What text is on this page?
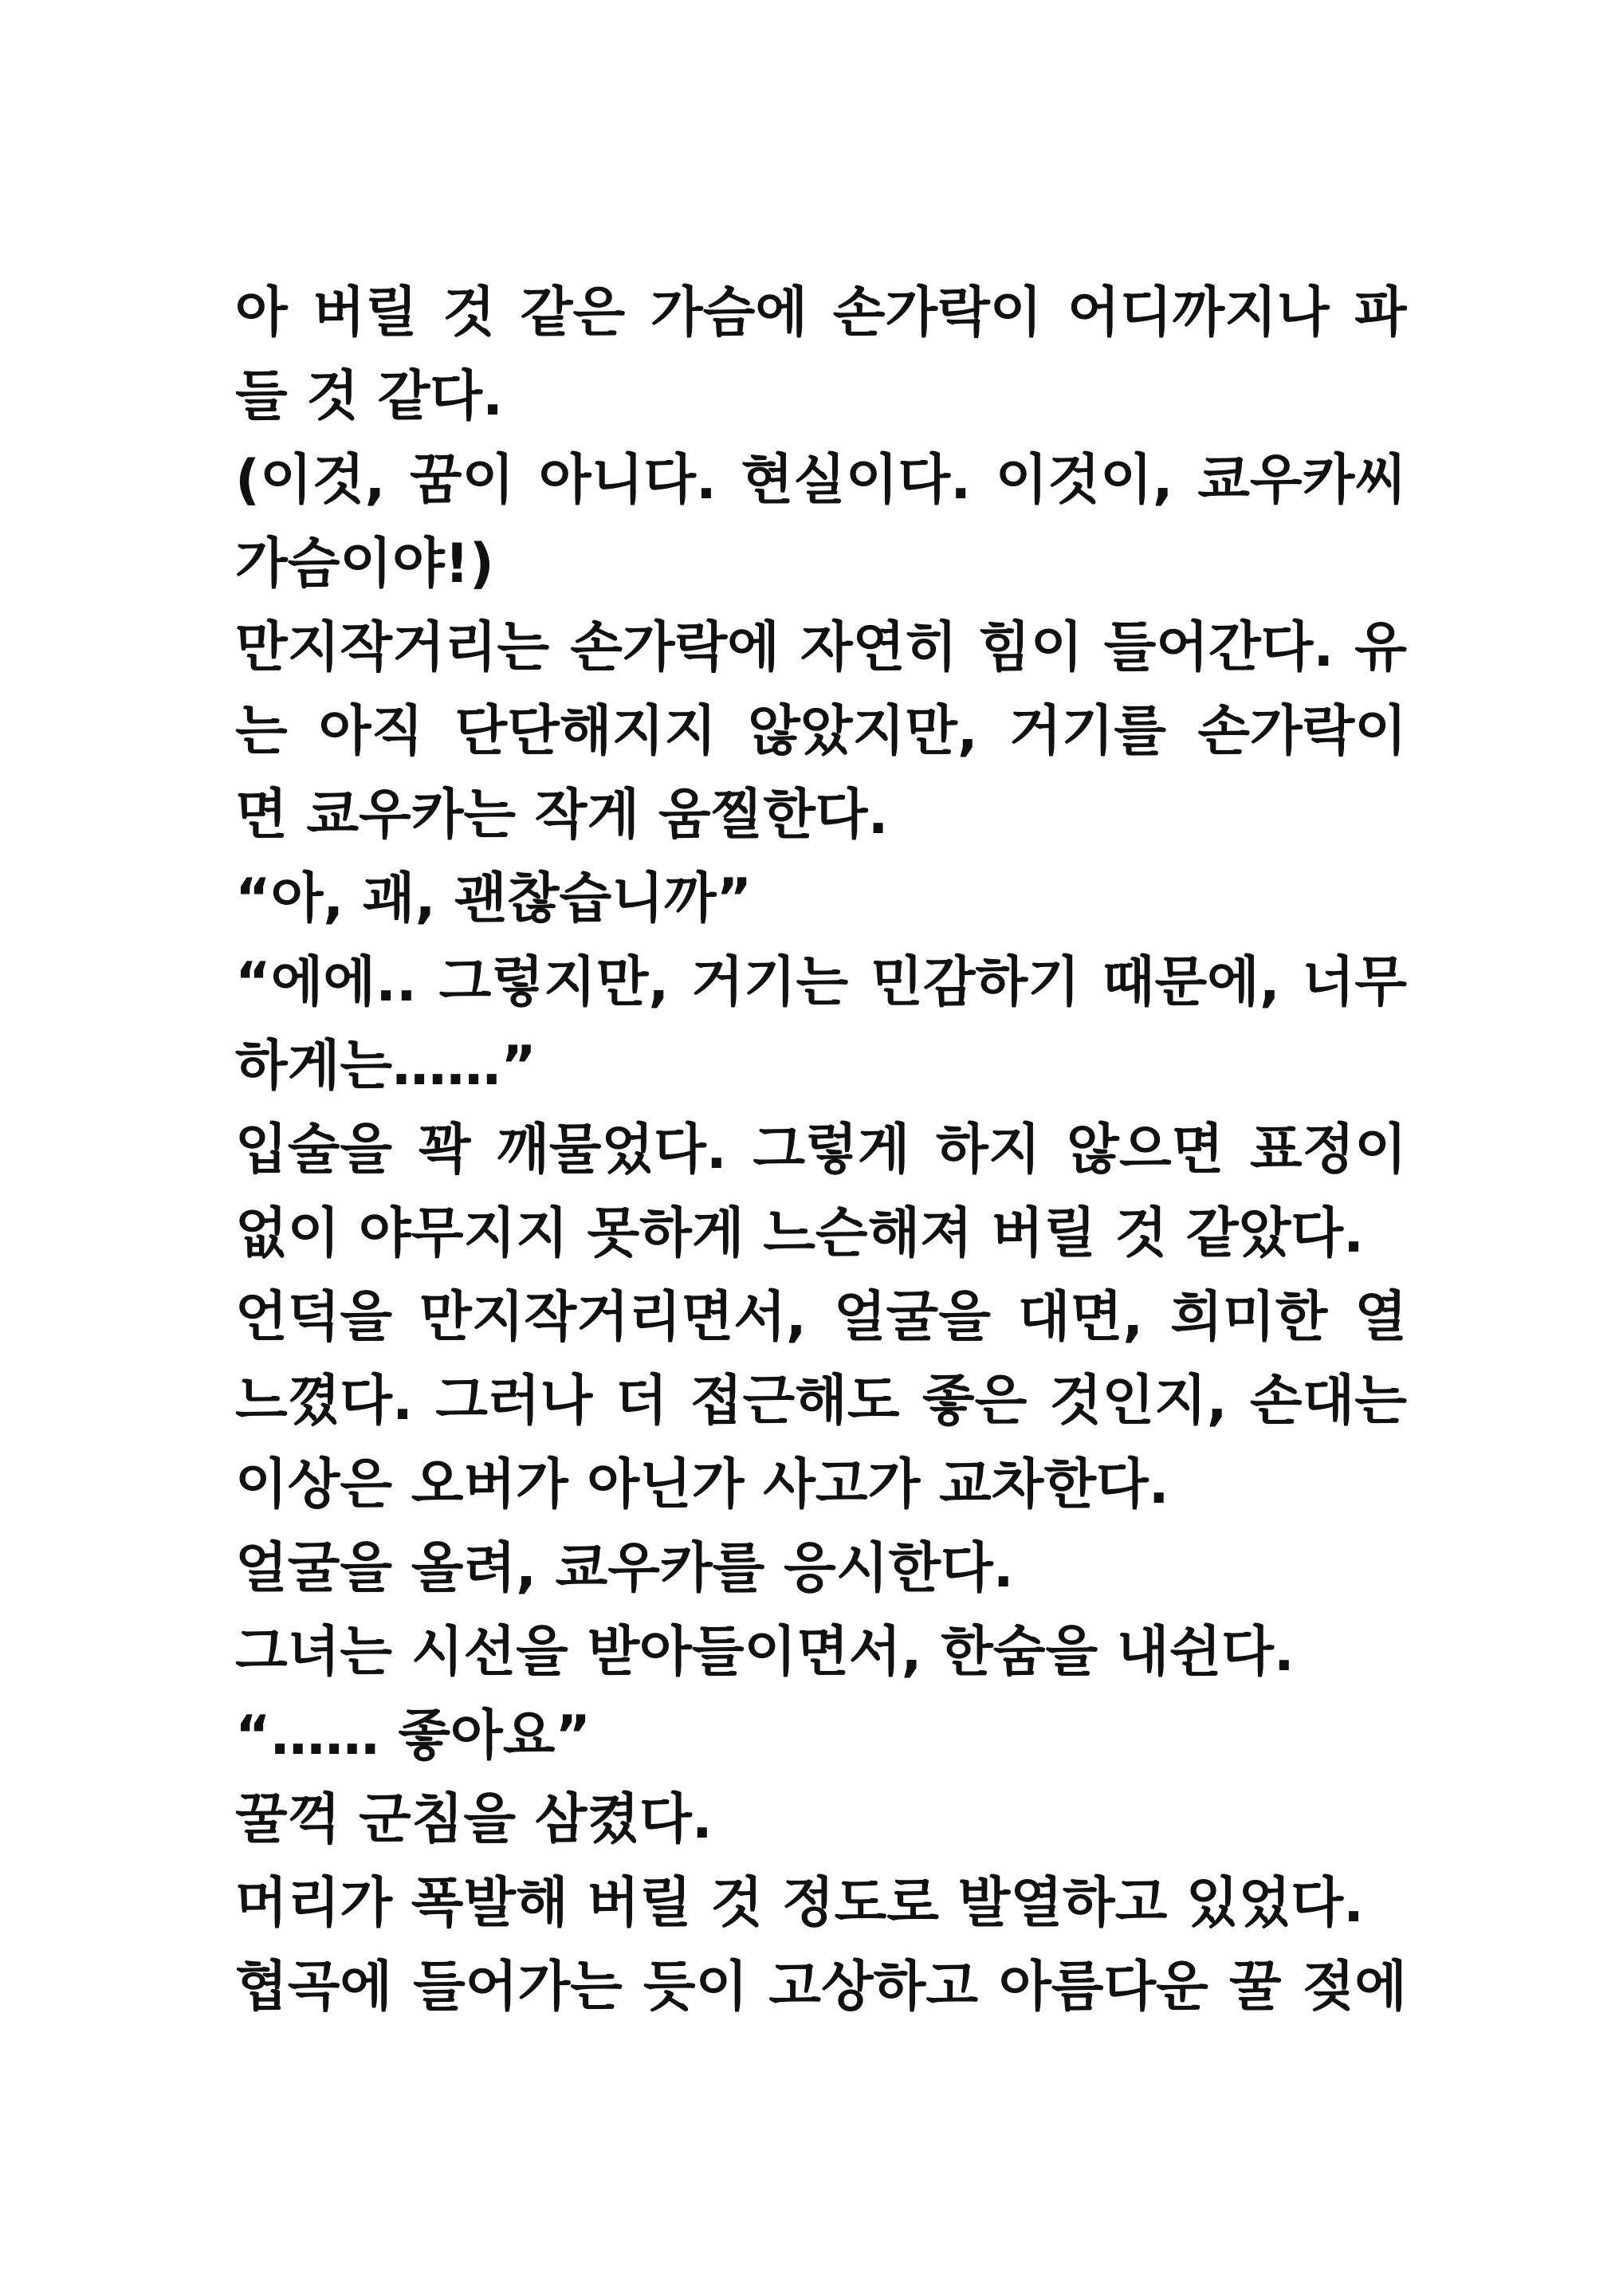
아 버릴 것 같은 가슴에 손가락이 어디까지나 파
들 것 같다.
(이것, 꿈이 아니다. 현실이다. 이것이, 쿄우카씨
가슴이야!)
만지작거리는 손가락에 자연히 힘이 들어간다. 유
는 아직 단단해지지 않았지만, 거기를 손가락이
면 쿄우카는 작게 움찔한다.
“아, 괘, 괜찮습니까”
“에에.. 그렇지만, 거기는 민감하기 때문에, 너무
하게는……”
입술을 꽉 깨물었다. 그렇게 하지 않으면 표정이
없이 야무지지 못하게 느슨해져 버릴 것 같았다.
언덕을 만지작거리면서, 얼굴을 대면, 희미한 열
느꼈다. 그러나 더 접근해도 좋은 것인지, 손대는
이상은 오버가 아닌가 사고가 교차한다.
얼굴을 올려, 쿄우카를 응시한다.
그녀는 시선을 받아들이면서, 한숨을 내쉰다.
“…… 좋아요”
꿀꺽 군침을 삼켰다.
머리가 폭발해 버릴 것 정도로 발열하고 있었다.
협곡에 들어가는 듯이 고상하고 아름다운 꿀 젖에
